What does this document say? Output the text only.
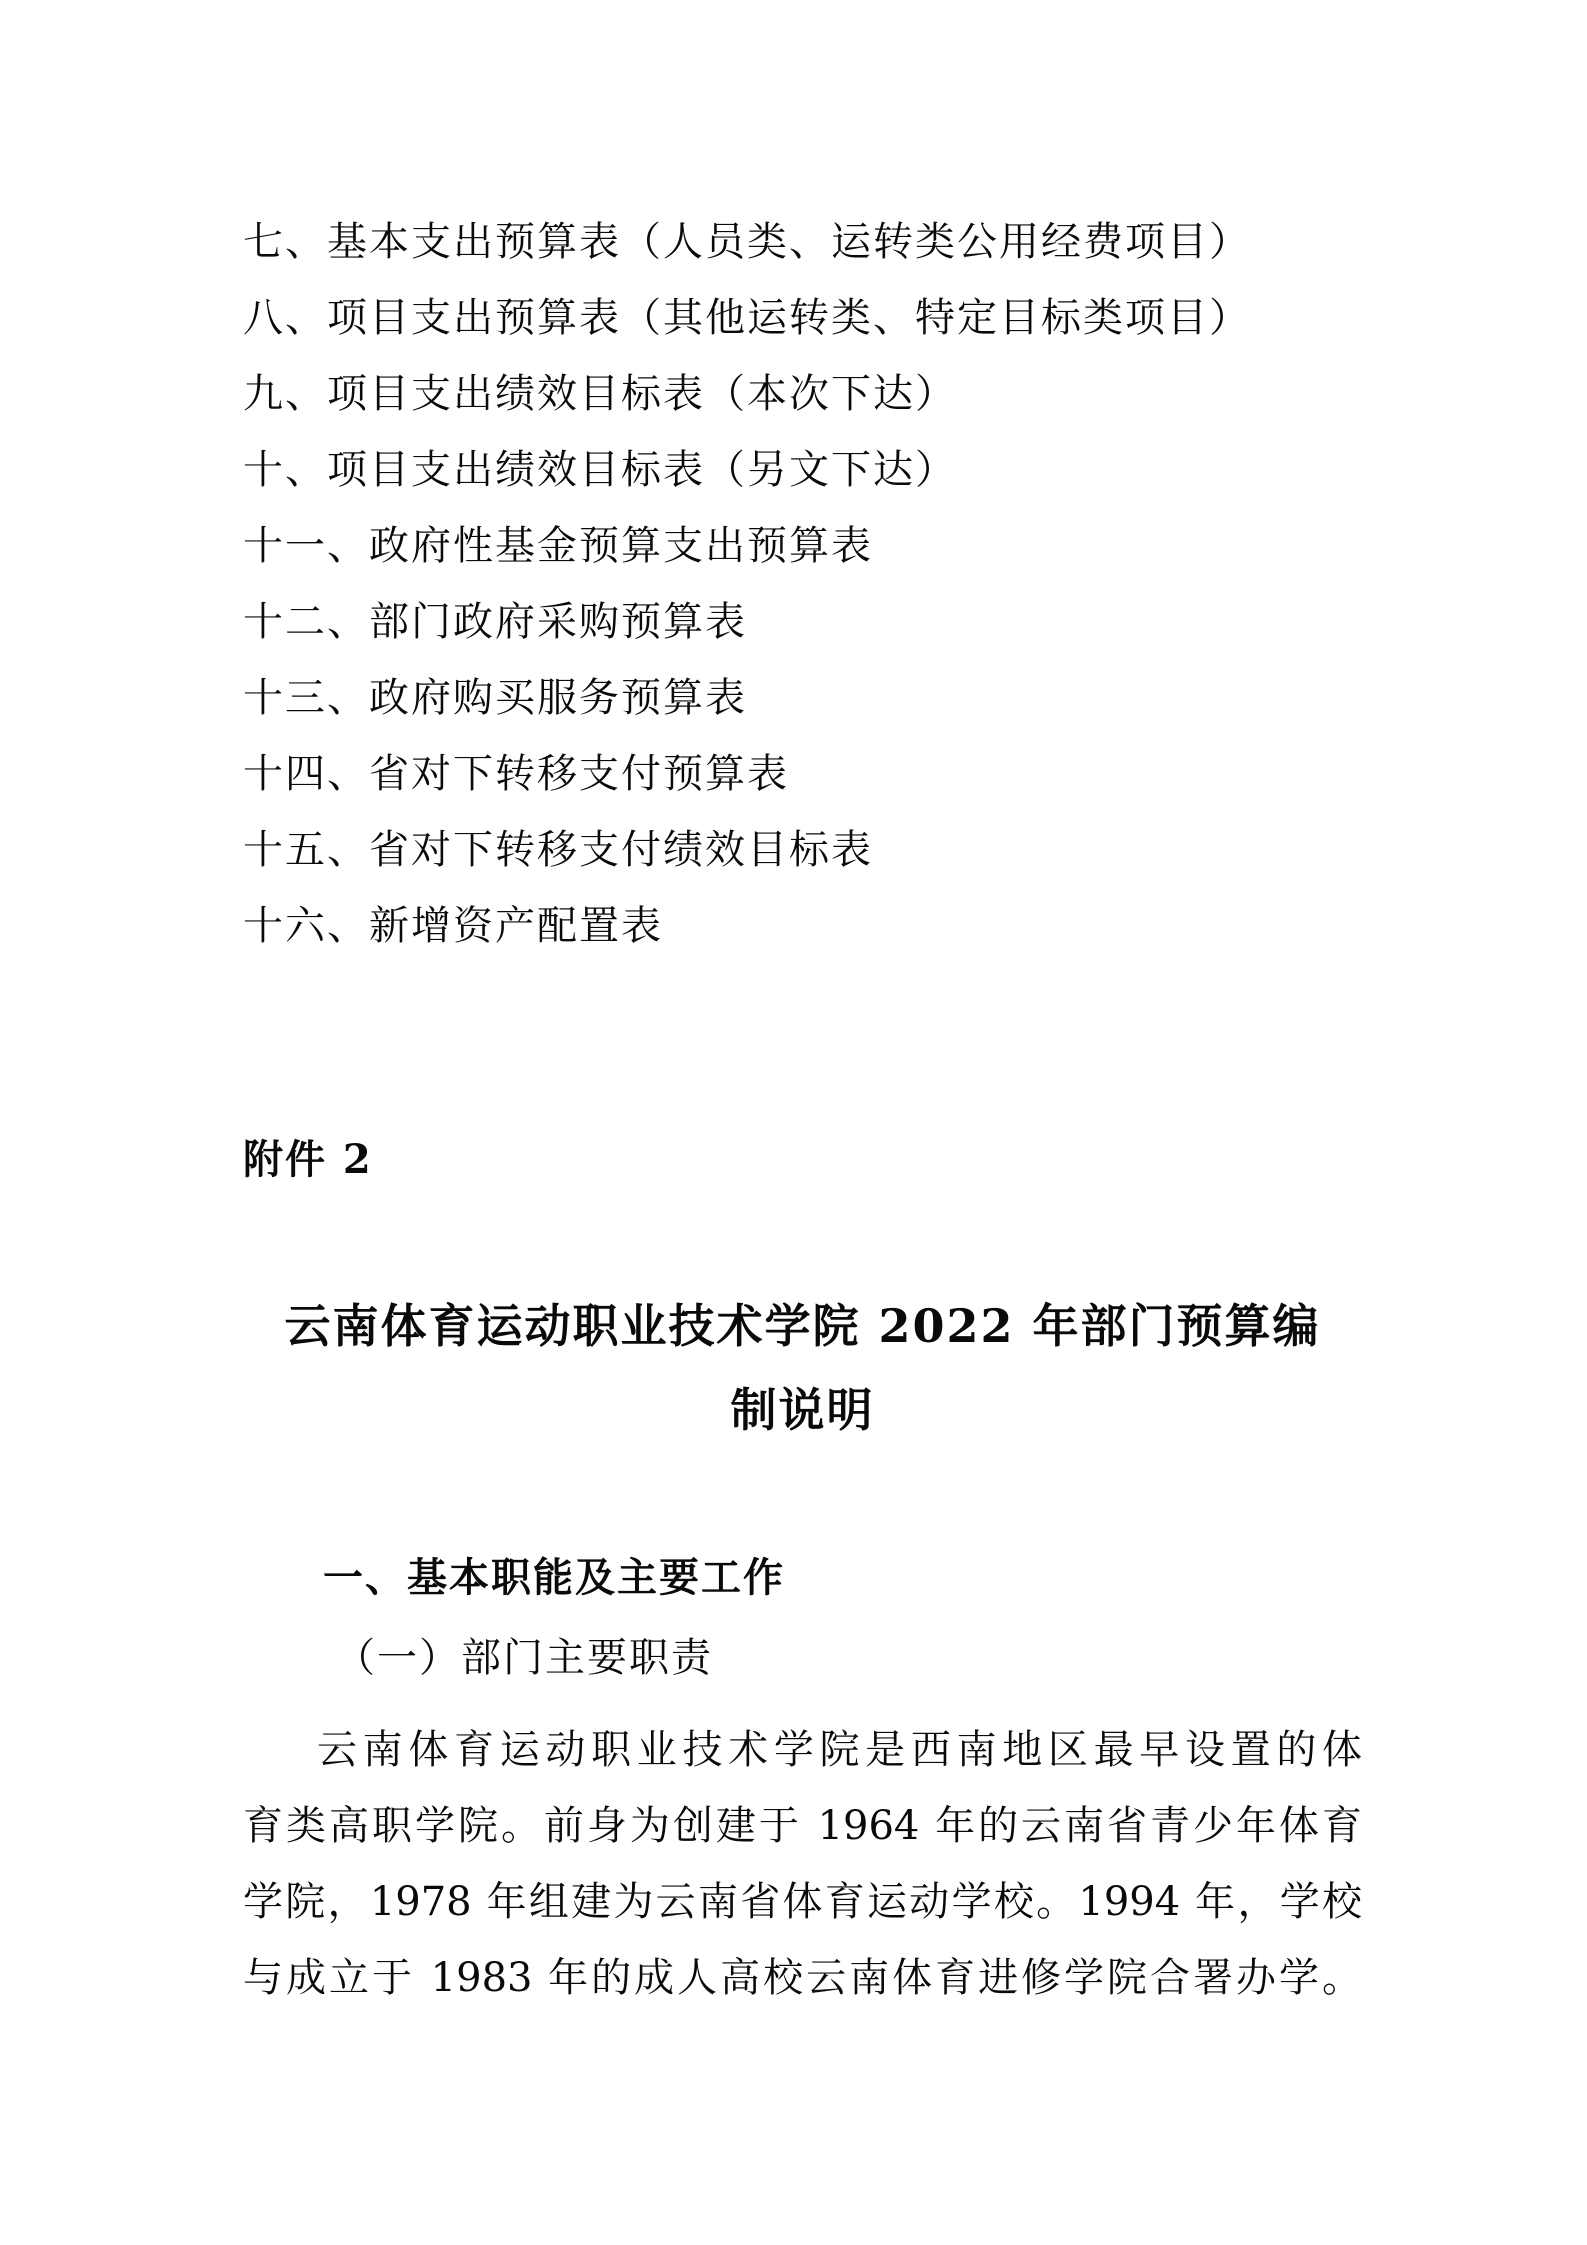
七、基本支出预算表（人员类、运转类公用经费项目）
八、项目支出预算表（其他运转类、特定目标类项目）
九、项目支出绩效目标表（本次下达）
十、项目支出绩效目标表（另文下达）
十一、政府性基金预算支出预算表
十二、部门政府采购预算表
十三、政府购买服务预算表
十四、省对下转移支付预算表
十五、省对下转移支付绩效目标表
十六、新增资产配置表
附件 2
云南体育运动职业技术学院 2022 年部门预算编
制说明
一、基本职能及主要工作
（一）部门主要职责
云南体育运动职业技术学院是西南地区最早设置的体
育类高职学院。前身为创建于 1964 年的云南省青少年体育
学院，1978 年组建为云南省体育运动学校。1994 年，学校
与成立于 1983 年的成人高校云南体育进修学院合署办学。
